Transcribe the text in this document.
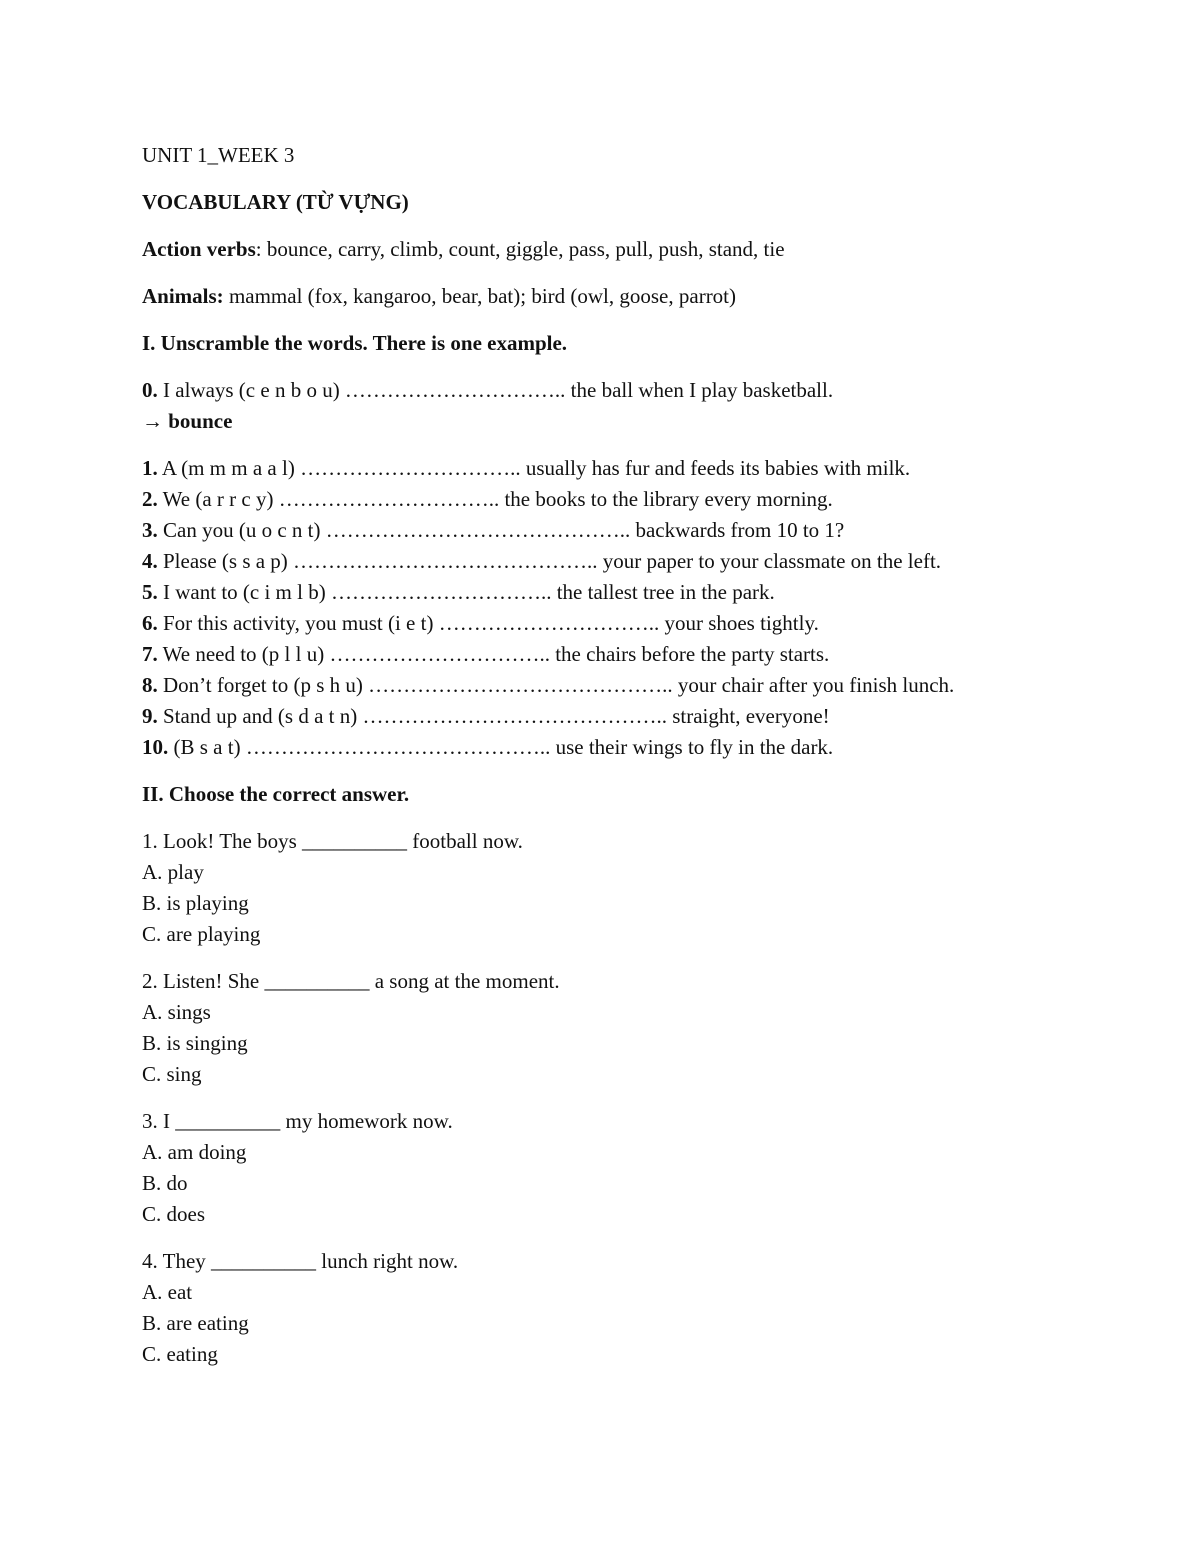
UNIT 1_WEEK 3

VOCABULARY (TỪ VỰNG)

Action verbs: bounce, carry, climb, count, giggle, pass, pull, push, stand, tie

Animals: mammal (fox, kangaroo, bear, bat); bird (owl, goose, parrot)

I. Unscramble the words. There is one example.

0. I always (c e n b o u) ………………………….. the ball when I play basketball.

→ bounce

1. A (m m m a a l) ………………………….. usually has fur and feeds its babies with milk.

2. We (a r r c y) ………………………….. the books to the library every morning.

3. Can you (u o c n t) …………………………………….. backwards from 10 to 1?

4. Please (s s a p) …………………………………….. your paper to your classmate on the left.

5. I want to (c i m l b) ………………………….. the tallest tree in the park.

6. For this activity, you must (i e t) ………………………….. your shoes tightly.

7. We need to (p l l u) ………………………….. the chairs before the party starts.

8. Don’t forget to (p s h u) …………………………………….. your chair after you finish lunch.

9. Stand up and (s d a t n) …………………………………….. straight, everyone!

10. (B s a t) …………………………………….. use their wings to fly in the dark.

II. Choose the correct answer.

1. Look! The boys __________ football now.

A. play

B. is playing

C. are playing

2. Listen! She __________ a song at the moment.

A. sings

B. is singing

C. sing

3. I __________ my homework now.

A. am doing

B. do

C. does

4. They __________ lunch right now.

A. eat

B. are eating

C. eating
